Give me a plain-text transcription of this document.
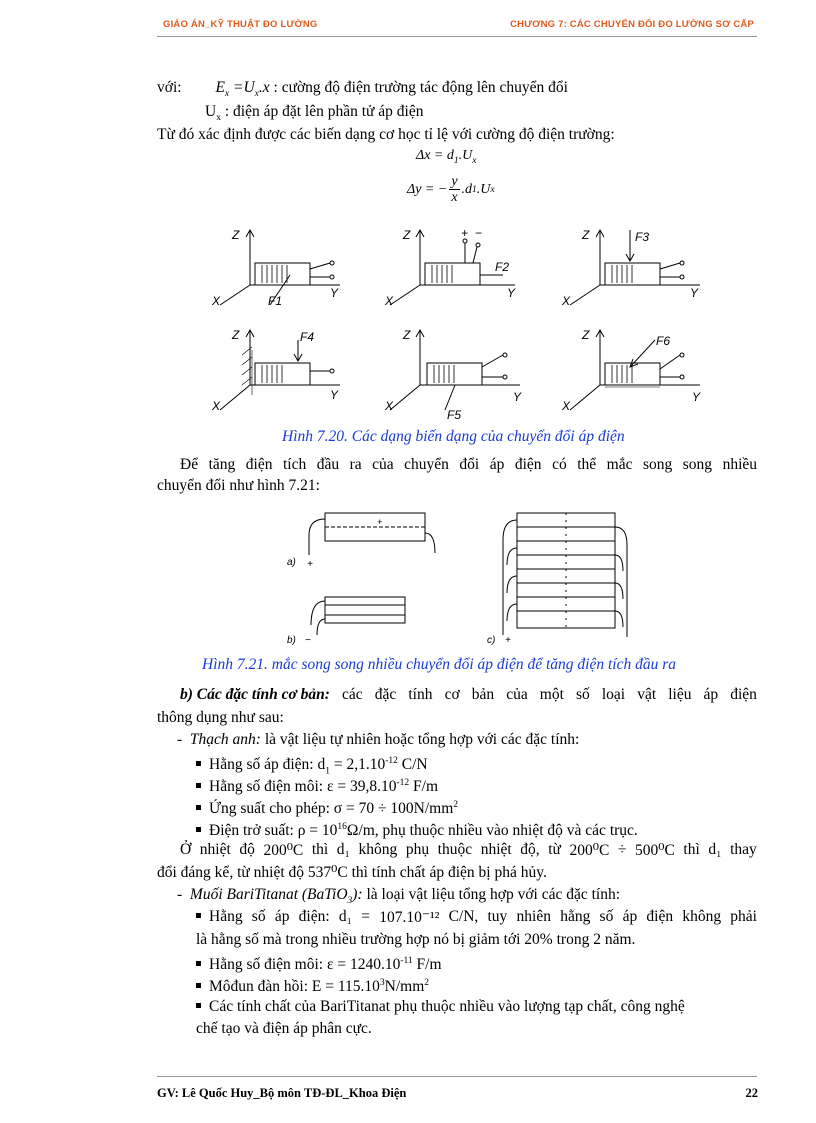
GIÁO ÁN_KỸ THUẬT ĐO LƯỜNG	CHƯƠNG 7: CÁC CHUYỂN ĐỔI ĐO LƯỜNG SƠ CẤP
với: $E_x =U_x.x$ : cường độ điện trường tác động lên chuyển đổi
$U_x$ : điện áp đặt lên phần tử áp điện
Từ đó xác định được các biến dạng cơ học tỉ lệ với cường độ điện trường:
$\Delta x = d_1.U_x$
Δy = − $\frac{y}{x} .d$ 1 .U x
Z
X
Y
F1
Z
X
Y
F2
+ −	Z
X
Y
F3
Z
X
Y
F4	Z
X
Y
F5
Z
X
Y
F6
Hình 7.20. Các dạng biến dạng của chuyển đổi áp điện
Để tăng điện tích đầu ra của chuyển đổi áp điện có thể mắc song song nhiều
chuyển đổi như hình 7.21:
+
a) +
b) −	c) +
Hình 7.21. mắc song song nhiều chuyển đổi áp điện để tăng điện tích đầu ra
b) Các đặc tính cơ bản: các đặc tính cơ bản của một số loại vật liệu áp điện
thông dụng như sau:
- Thạch anh: là vật liệu tự nhiên hoặc tổng hợp với các đặc tính:
Hằng số áp điện: $d_1 = 2,1.10^{-12}$ C/N
Hằng số điện môi: $\varepsilon = 39,8.10^{-12}$ F/m
Ứng suất cho phép: $\sigma = 70 \div 100N/mm^2$
Điện trở suất: $\rho = 10^{16}\Omega/m$, phụ thuộc nhiều vào nhiệt độ và các trục.
Ở nhiệt độ 200⁰C thì d₁ không phụ thuộc nhiệt độ, từ 200⁰C ÷ 500⁰C thì d₁ thay
đổi đáng kể, từ nhiệt độ 537⁰C thì tính chất áp điện bị phá hủy.
- Muối BariTitanat (BaTiO$_3$): là loại vật liệu tổng hợp với các đặc tính:
Hằng số áp điện: d₁ = 107.10⁻¹² C/N, tuy nhiên hằng số áp điện không phải
là hằng số mà trong nhiều trường hợp nó bị giảm tới 20% trong 2 năm.
Hằng số điện môi: $\varepsilon = 1240.10^{-11}$ F/m
Môđun đàn hồi: $E = 115.10^3N/mm^2$
Các tính chất của BariTitanat phụ thuộc nhiều vào lượng tạp chất, công nghệ
chế tạo và điện áp phân cực.
GV: Lê Quốc Huy_Bộ môn TĐ-ĐL_Khoa Điện	22
